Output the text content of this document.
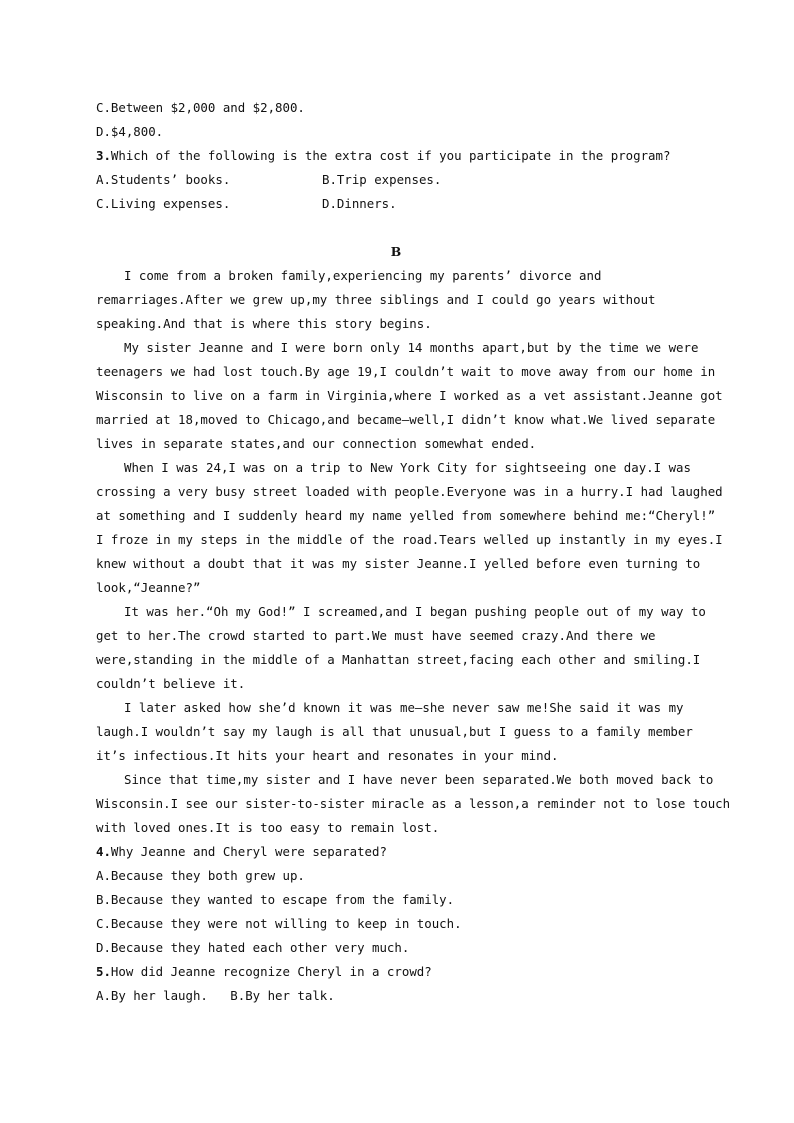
C.Between $2,000 and $2,800.
D.$4,800.
3.Which of the following is the extra cost if you participate in the program?
A.Students’ books.	B.Trip expenses.
C.Living expenses.	D.Dinners.
B
I come from a broken family,experiencing my parents’ divorce and
remarriages.After we grew up,my three siblings and I could go years without
speaking.And that is where this story begins.
My sister Jeanne and I were born only 14 months apart,but by the time we were
teenagers we had lost touch.By age 19,I couldn’t wait to move away from our home in
Wisconsin to live on a farm in Virginia,where I worked as a vet assistant.Jeanne got
married at 18,moved to Chicago,and became—well,I didn’t know what.We lived separate
lives in separate states,and our connection somewhat ended.
When I was 24,I was on a trip to New York City for sightseeing one day.I was
crossing a very busy street loaded with people.Everyone was in a hurry.I had laughed
at something and I suddenly heard my name yelled from somewhere behind me:“Cheryl!”
I froze in my steps in the middle of the road.Tears welled up instantly in my eyes.I
knew without a doubt that it was my sister Jeanne.I yelled before even turning to
look,“Jeanne?”
It was her.“Oh my God!” I screamed,and I began pushing people out of my way to
get to her.The crowd started to part.We must have seemed crazy.And there we
were,standing in the middle of a Manhattan street,facing each other and smiling.I
couldn’t believe it.
I later asked how she’d known it was me—she never saw me!She said it was my
laugh.I wouldn’t say my laugh is all that unusual,but I guess to a family member
it’s infectious.It hits your heart and resonates in your mind.
Since that time,my sister and I have never been separated.We both moved back to
Wisconsin.I see our sister-to-sister miracle as a lesson,a reminder not to lose touch
with loved ones.It is too easy to remain lost.
4.Why Jeanne and Cheryl were separated?
A.Because they both grew up.
B.Because they wanted to escape from the family.
C.Because they were not willing to keep in touch.
D.Because they hated each other very much.
5.How did Jeanne recognize Cheryl in a crowd?
A.By her laugh.   B.By her talk.
